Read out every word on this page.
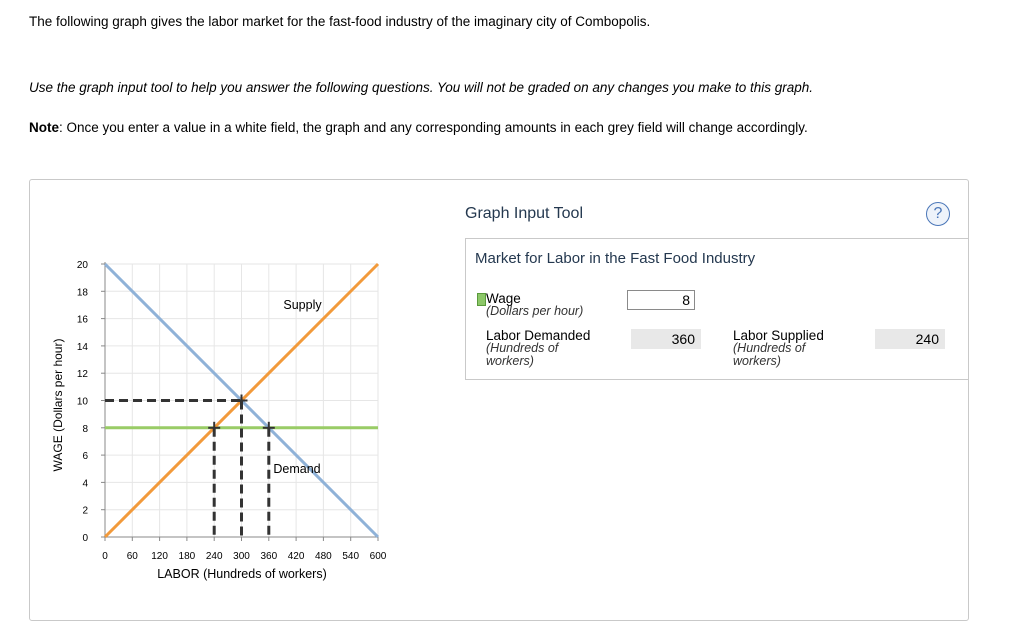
The following graph gives the labor market for the fast-food industry of the imaginary city of Combopolis.
Use the graph input tool to help you answer the following questions. You will not be graded on any changes you make to this graph.
Note: Once you enter a value in a white field, the graph and any corresponding amounts in each grey field will change accordingly.
0 60 120 180 240 300 360 420 480 540 600
0
2
4
6
8
10
12
14
16
18
20
LABOR (Hundreds of workers)
WAGE (Dollars per hour)
Supply
Demand
Graph Input Tool	?
Market for Labor in the Fast Food Industry
Wage
(Dollars per hour)
8
Labor Demanded
(Hundreds of
workers)
360	Labor Supplied
(Hundreds of
workers)
240
